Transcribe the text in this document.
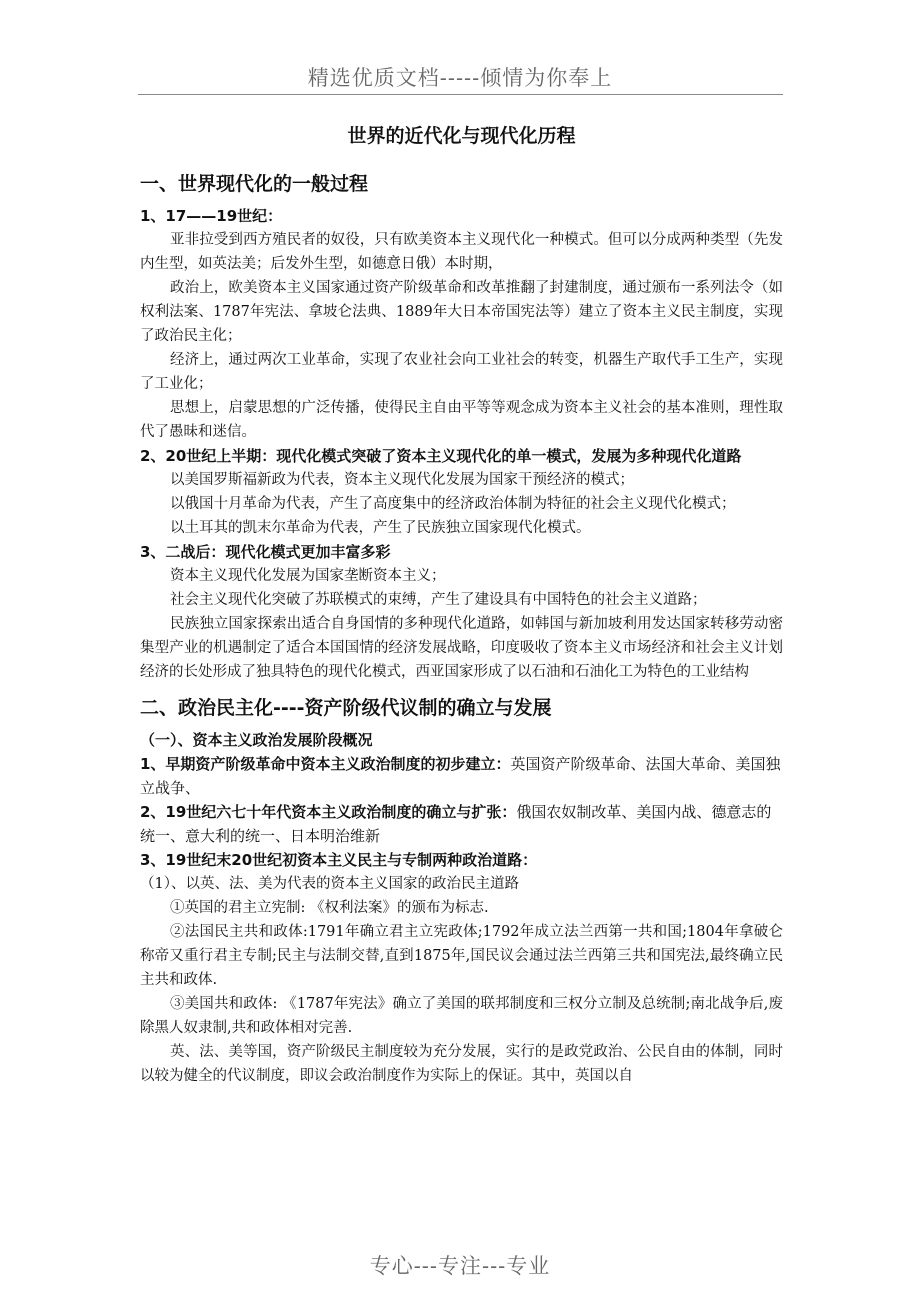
精选优质文档-----倾情为你奉上
世界的近代化与现代化历程
一、世界现代化的一般过程
1、17——19世纪：

亚非拉受到西方殖民者的奴役，只有欧美资本主义现代化一种模式。但可以分成两种类型（先发内生型，如英法美；后发外生型，如德意日俄）本时期，

政治上，欧美资本主义国家通过资产阶级革命和改革推翻了封建制度，通过颁布一系列法令（如权利法案、1787年宪法、拿坡仑法典、1889年大日本帝国宪法等）建立了资本主义民主制度，实现了政治民主化；

经济上，通过两次工业革命，实现了农业社会向工业社会的转变，机器生产取代手工生产，实现了工业化；

思想上，启蒙思想的广泛传播，使得民主自由平等等观念成为资本主义社会的基本准则，理性取代了愚昧和迷信。

2、20世纪上半期：现代化模式突破了资本主义现代化的单一模式，发展为多种现代化道路

以美国罗斯福新政为代表，资本主义现代化发展为国家干预经济的模式；

以俄国十月革命为代表，产生了高度集中的经济政治体制为特征的社会主义现代化模式；

以土耳其的凯末尔革命为代表，产生了民族独立国家现代化模式。

3、二战后：现代化模式更加丰富多彩

资本主义现代化发展为国家垄断资本主义；

社会主义现代化突破了苏联模式的束缚，产生了建设具有中国特色的社会主义道路；

民族独立国家探索出适合自身国情的多种现代化道路，如韩国与新加坡利用发达国家转移劳动密集型产业的机遇制定了适合本国国情的经济发展战略，印度吸收了资本主义市场经济和社会主义计划经济的长处形成了独具特色的现代化模式，西亚国家形成了以石油和石油化工为特色的工业结构

二、政治民主化----资产阶级代议制的确立与发展
（一）、资本主义政治发展阶段概况
1、早期资产阶级革命中资本主义政治制度的初步建立：英国资产阶级革命、法国大革命、美国独立战争、
2、19世纪六七十年代资本主义政治制度的确立与扩张：俄国农奴制改革、美国内战、德意志的统一、意大利的统一、日本明治维新
3、19世纪末20世纪初资本主义民主与专制两种政治道路：
（1）、以英、法、美为代表的资本主义国家的政治民主道路

①英国的君主立宪制: 《权利法案》的颁布为标志.

②法国民主共和政体:1791年确立君主立宪政体;1792年成立法兰西第一共和国;1804年拿破仑称帝又重行君主专制;民主与法制交替,直到1875年,国民议会通过法兰西第三共和国宪法,最终确立民主共和政体.

③美国共和政体: 《1787年宪法》确立了美国的联邦制度和三权分立制及总统制;南北战争后,废除黑人奴隶制,共和政体相对完善.

英、法、美等国，资产阶级民主制度较为充分发展，实行的是政党政治、公民自由的体制，同时以较为健全的代议制度，即议会政治制度作为实际上的保证。其中，英国以自

专心---专注---专业
